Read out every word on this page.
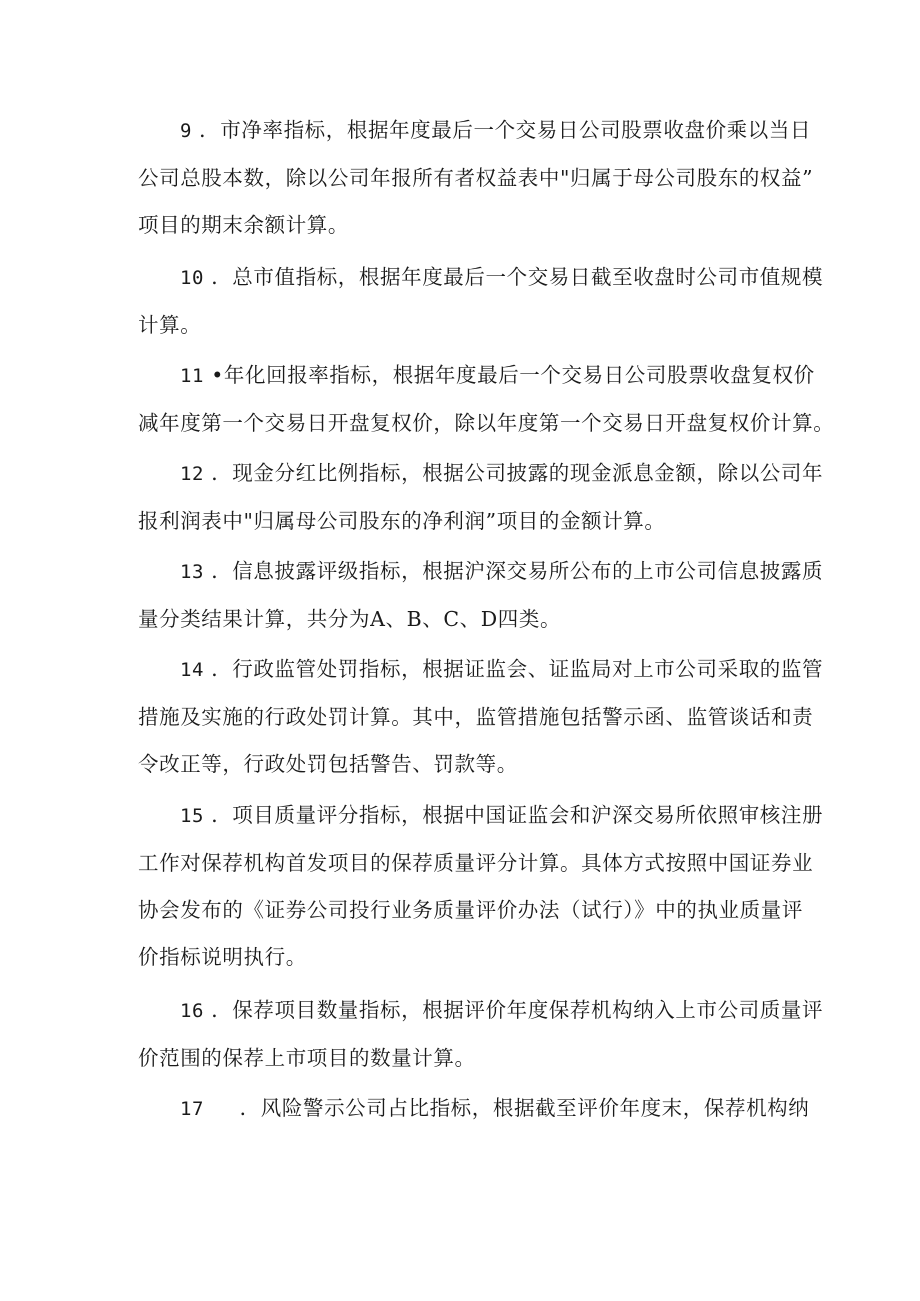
9 ．市净率指标，根据年度最后一个交易日公司股票收盘价乘以当日
公司总股本数，除以公司年报所有者权益表中"归属于母公司股东的权益”
项目的期末余额计算。
10 ．总市值指标，根据年度最后一个交易日截至收盘时公司市值规模
计算。
11 •年化回报率指标，根据年度最后一个交易日公司股票收盘复权价
减年度第一个交易日开盘复权价，除以年度第一个交易日开盘复权价计算。
12 ．现金分红比例指标，根据公司披露的现金派息金额，除以公司年
报利润表中"归属母公司股东的净利润”项目的金额计算。
13 ．信息披露评级指标，根据沪深交易所公布的上市公司信息披露质
量分类结果计算，共分为A、B、C、D四类。
14 ．行政监管处罚指标，根据证监会、证监局对上市公司采取的监管
措施及实施的行政处罚计算。其中，监管措施包括警示函、监管谈话和责
令改正等，行政处罚包括警告、罚款等。
15 ．项目质量评分指标，根据中国证监会和沪深交易所依照审核注册
工作对保荐机构首发项目的保荐质量评分计算。具体方式按照中国证券业
协会发布的《证券公司投行业务质量评价办法（试行）》中的执业质量评
价指标说明执行。
16 ．保荐项目数量指标，根据评价年度保荐机构纳入上市公司质量评
价范围的保荐上市项目的数量计算。
17 ．风险警示公司占比指标，根据截至评价年度末，保荐机构纳
